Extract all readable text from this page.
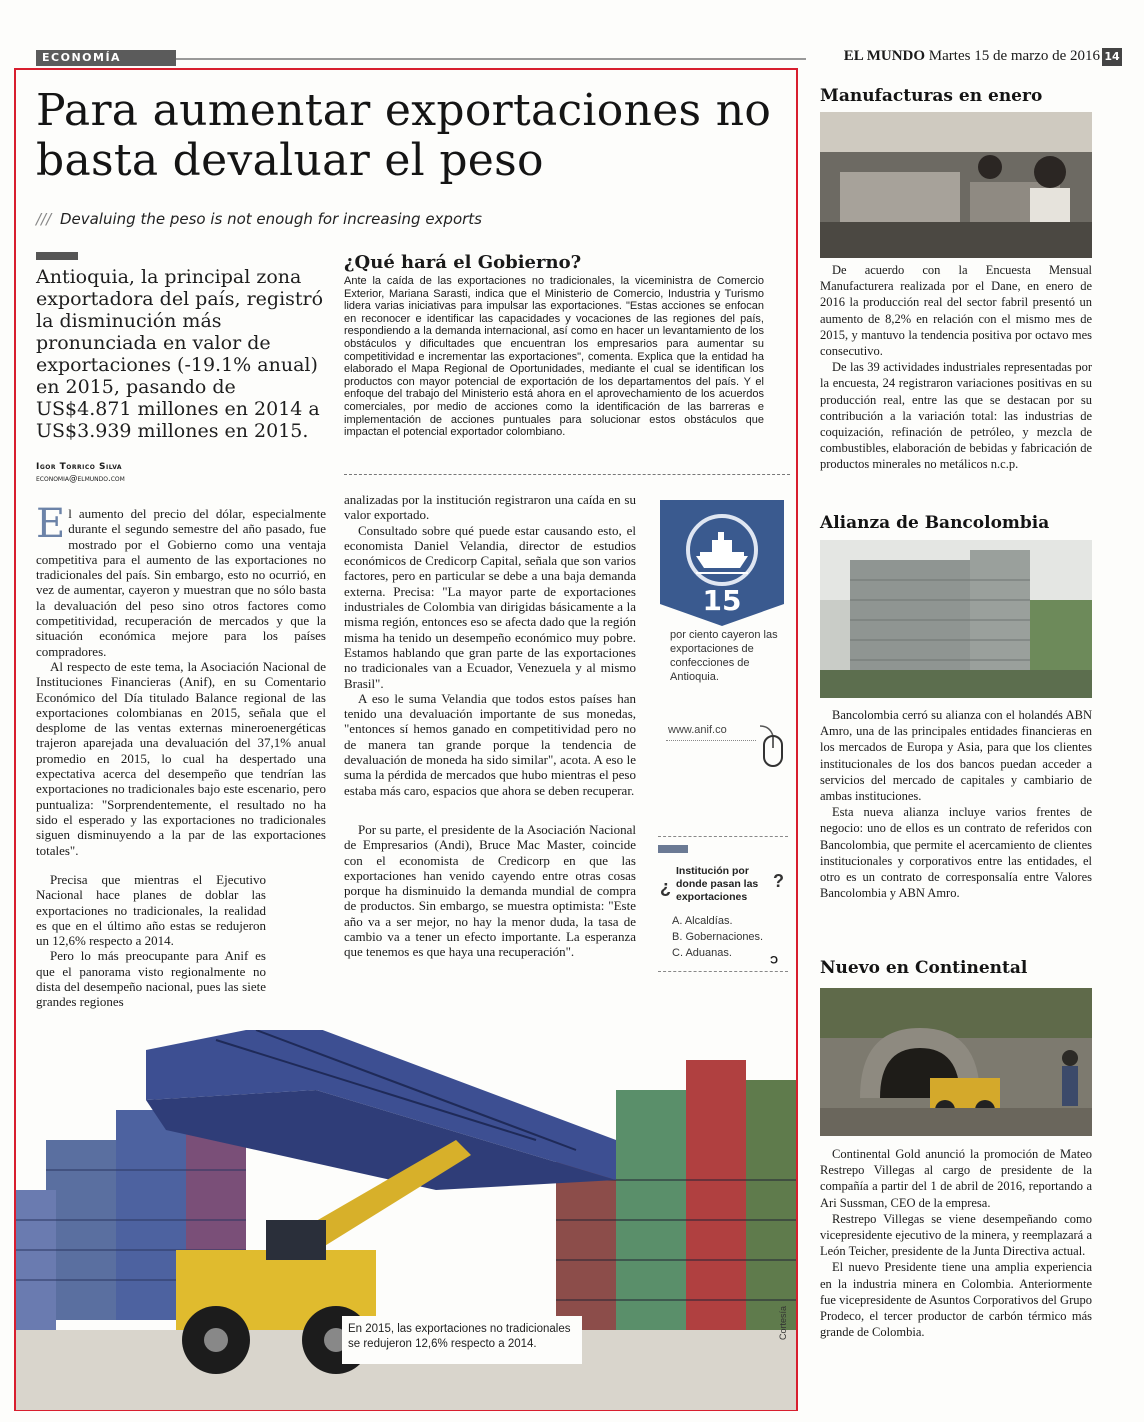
ECONOMÍA	EL MUNDO Martes 15 de marzo de 2016 14
Para aumentar exportaciones no basta devaluar el peso
/// Devaluing the peso is not enough for increasing exports

Antioquia, la principal zona exportadora del país, registró la disminución más pronunciada en valor de exportaciones (-19.1% anual) en 2015, pasando de US$4.871 millones en 2014 a US$3.939 millones en 2015.

Igor Torrico Silva
economia@elmundo.com
¿Qué hará el Gobierno?

Ante la caída de las exportaciones no tradicionales, la viceministra de Comercio Exterior, Mariana Sarasti, indica que el Ministerio de Comercio, Industria y Turismo lidera varias iniciativas para impulsar las exportaciones. "Estas acciones se enfocan en reconocer e identificar las capacidades y vocaciones de las regiones del país, respondiendo a la demanda internacional, así como en hacer un levantamiento de los obstáculos y dificultades que encuentran los empresarios para aumentar su competitividad e incrementar las exportaciones", comenta. Explica que la entidad ha elaborado el Mapa Regional de Oportunidades, mediante el cual se identifican los productos con mayor potencial de exportación de los departamentos del país. Y el enfoque del trabajo del Ministerio está ahora en el aprovechamiento de los acuerdos comerciales, por medio de acciones como la identificación de las barreras e implementación de acciones puntuales para solucionar estos obstáculos que impactan el potencial exportador colombiano.

El aumento del precio del dólar, especialmente durante el segundo semestre del año pasado, fue mostrado por el Gobierno como una ventaja competitiva para el aumento de las exportaciones no tradicionales del país. Sin embargo, esto no ocurrió, en vez de aumentar, cayeron y muestran que no sólo basta la devaluación del peso sino otros factores como competitividad, recuperación de mercados y que la situación económica mejore para los países compradores.

Al respecto de este tema, la Asociación Nacional de Instituciones Financieras (Anif), en su Comentario Económico del Día titulado Balance regional de las exportaciones colombianas en 2015, señala que el desplome de las ventas externas mineroenergéticas trajeron aparejada una devaluación del 37,1% anual promedio en 2015, lo cual ha despertado una expectativa acerca del desempeño que tendrían las exportaciones no tradicionales bajo este escenario, pero puntualiza: "Sorprendentemente, el resultado no ha sido el esperado y las exportaciones no tradicionales siguen disminuyendo a la par de las exportaciones totales".

Precisa que mientras el Ejecutivo Nacional hace planes de doblar las exportaciones no tradicionales, la realidad es que en el último año estas se redujeron un 12,6% respecto a 2014.

Pero lo más preocupante para Anif es que el panorama visto regionalmente no dista del desempeño nacional, pues las siete grandes regiones

analizadas por la institución registraron una caída en su valor exportado.

Consultado sobre qué puede estar causando esto, el economista Daniel Velandia, director de estudios económicos de Credicorp Capital, señala que son varios factores, pero en particular se debe a una baja demanda externa. Precisa: "La mayor parte de exportaciones industriales de Colombia van dirigidas básicamente a la misma región, entonces eso se afecta dado que la región misma ha tenido un desempeño económico muy pobre. Estamos hablando que gran parte de las exportaciones no tradicionales van a Ecuador, Venezuela y al mismo Brasil".

A eso le suma Velandia que todos estos países han tenido una devaluación importante de sus monedas, "entonces sí hemos ganado en competitividad pero no de manera tan grande porque la tendencia de devaluación de moneda ha sido similar", acota. A eso le suma la pérdida de mercados que hubo mientras el peso estaba más caro, espacios que ahora se deben recuperar.

Por su parte, el presidente de la Asociación Nacional de Empresarios (Andi), Bruce Mac Master, coincide con el economista de Credicorp en que las exportaciones han venido cayendo entre otras cosas porque ha disminuido la demanda mundial de compra de productos. Sin embargo, se muestra optimista: "Este año va a ser mejor, no hay la menor duda, la tasa de cambio va a tener un efecto importante. La esperanza que tenemos es que haya una recuperación".

15

por ciento cayeron las exportaciones de confecciones de Antioquia.

www.anif.co
¿	?
Institución por donde pasan las exportaciones
A. Alcaldías.
B. Gobernaciones.
C. Aduanas.	C
Cortesía

En 2015, las exportaciones no tradicionales se redujeron 12,6% respecto a 2014.

Manufacturas en enero

De acuerdo con la Encuesta Mensual Manufacturera realizada por el Dane, en enero de 2016 la producción real del sector fabril presentó un aumento de 8,2% en relación con el mismo mes de 2015, y mantuvo la tendencia positiva por octavo mes consecutivo.

De las 39 actividades industriales representadas por la encuesta, 24 registraron variaciones positivas en su producción real, entre las que se destacan por su contribución a la variación total: las industrias de coquización, refinación de petróleo, y mezcla de combustibles, elaboración de bebidas y fabricación de productos minerales no metálicos n.c.p.

Alianza de Bancolombia

Bancolombia cerró su alianza con el holandés ABN Amro, una de las principales entidades financieras en los mercados de Europa y Asia, para que los clientes institucionales de los dos bancos puedan acceder a servicios del mercado de capitales y cambiario de ambas instituciones.

Esta nueva alianza incluye varios frentes de negocio: uno de ellos es un contrato de referidos con Bancolombia, que permite el acercamiento de clientes institucionales y corporativos entre las entidades, el otro es un contrato de corresponsalía entre Valores Bancolombia y ABN Amro.

Nuevo en Continental

Continental Gold anunció la promoción de Mateo Restrepo Villegas al cargo de presidente de la compañía a partir del 1 de abril de 2016, reportando a Ari Sussman, CEO de la empresa.

Restrepo Villegas se viene desempeñando como vicepresidente ejecutivo de la minera, y reemplazará a León Teicher, presidente de la Junta Directiva actual.

El nuevo Presidente tiene una amplia experiencia en la industria minera en Colombia. Anteriormente fue vicepresidente de Asuntos Corporativos del Grupo Prodeco, el tercer productor de carbón térmico más grande de Colombia.
